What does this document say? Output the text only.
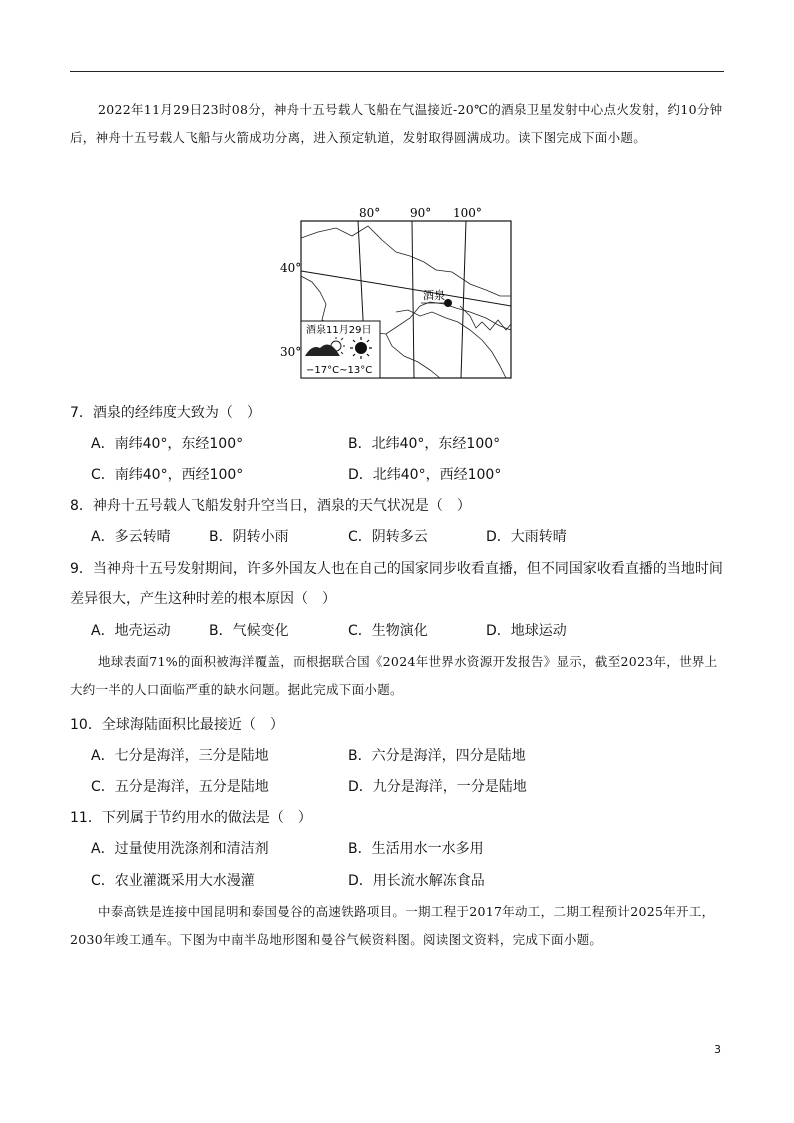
2022年11月29日23时08分，神舟十五号载人飞船在气温接近-20℃的酒泉卫星发射中心点火发射，约10分钟后，神舟十五号载人飞船与火箭成功分离，进入预定轨道，发射取得圆满成功。读下图完成下面小题。
酒泉
80° 90° 100°
40°
30°
酒泉11月29日
−17°C~13°C
7．酒泉的经纬度大致为（　）
A．南纬40°，东经100°	B．北纬40°，东经100°
C．南纬40°，西经100°	D．北纬40°，西经100°
8．神舟十五号载人飞船发射升空当日，酒泉的天气状况是（　）
A．多云转晴	B．阴转小雨	C．阴转多云	D．大雨转晴
9．当神舟十五号发射期间，许多外国友人也在自己的国家同步收看直播，但不同国家收看直播的当地时间
差异很大，产生这种时差的根本原因（　）
A．地壳运动	B．气候变化	C．生物演化	D．地球运动
地球表面71%的面积被海洋覆盖，而根据联合国《2024年世界水资源开发报告》显示，截至2023年，世界上大约一半的人口面临严重的缺水问题。据此完成下面小题。
10．全球海陆面积比最接近（　）
A．七分是海洋，三分是陆地	B．六分是海洋，四分是陆地
C．五分是海洋，五分是陆地	D．九分是海洋，一分是陆地
11．下列属于节约用水的做法是（　）
A．过量使用洗涤剂和清洁剂	B．生活用水一水多用
C．农业灌溉采用大水漫灌	D．用长流水解冻食品
中泰高铁是连接中国昆明和泰国曼谷的高速铁路项目。一期工程于2017年动工，二期工程预计2025年开工，2030年竣工通车。下图为中南半岛地形图和曼谷气候资料图。阅读图文资料，完成下面小题。
3
